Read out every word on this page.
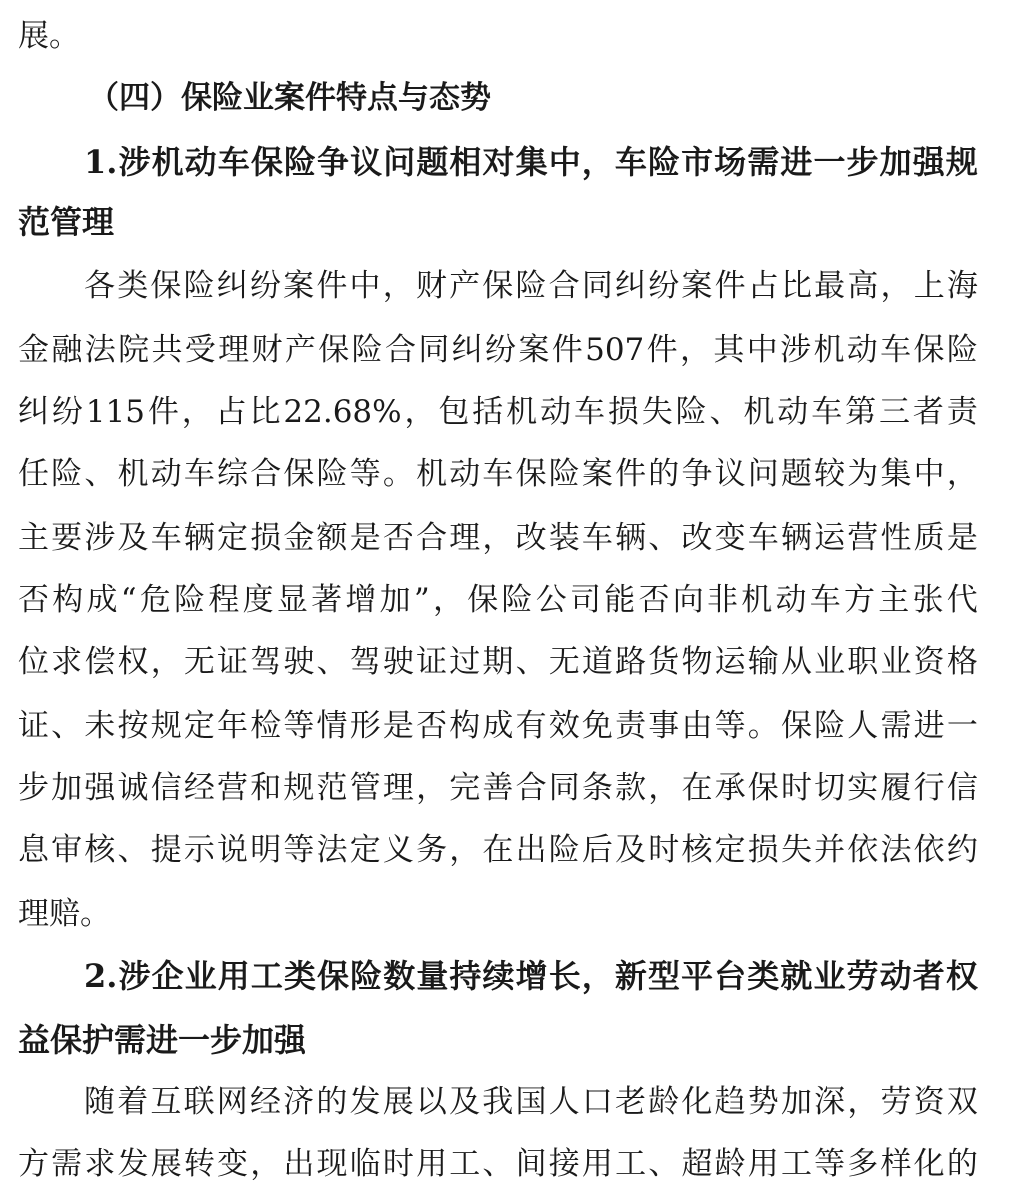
展。
（四）保险业案件特点与态势
1. 涉 机 动 车 保 险 争 议 问 题 相 对 集 中 ， 车 险 市 场 需 进 一 步 加 强 规
范管理
各 类 保 险 纠 纷 案 件 中 ， 财 产 保 险 合 同 纠 纷 案 件 占 比 最 高 ， 上 海
金 融 法 院 共 受 理 财 产 保 险 合 同 纠 纷 案 件 507 件 ， 其 中 涉 机 动 车 保 险
纠 纷 115 件 ， 占 比 22.68% ， 包 括 机 动 车 损 失 险 、 机 动 车 第 三 者 责
任 险 、 机 动 车 综 合 保 险 等 。 机 动 车 保 险 案 件 的 争 议 问 题 较 为 集 中 ，
主 要 涉 及 车 辆 定 损 金 额 是 否 合 理 ， 改 装 车 辆 、 改 变 车 辆 运 营 性 质 是
否 构 成 “ 危 险 程 度 显 著 增 加 ” ， 保 险 公 司 能 否 向 非 机 动 车 方 主 张 代
位 求 偿 权 ， 无 证 驾 驶 、 驾 驶 证 过 期 、 无 道 路 货 物 运 输 从 业 职 业 资 格
证 、 未 按 规 定 年 检 等 情 形 是 否 构 成 有 效 免 责 事 由 等 。 保 险 人 需 进 一
步 加 强 诚 信 经 营 和 规 范 管 理 ， 完 善 合 同 条 款 ， 在 承 保 时 切 实 履 行 信
息 审 核 、 提 示 说 明 等 法 定 义 务 ， 在 出 险 后 及 时 核 定 损 失 并 依 法 依 约
理赔。
2. 涉 企 业 用 工 类 保 险 数 量 持 续 增 长 ， 新 型 平 台 类 就 业 劳 动 者 权
益保护需进一步加强
随 着 互 联 网 经 济 的 发 展 以 及 我 国 人 口 老 龄 化 趋 势 加 深 ， 劳 资 双
方 需 求 发 展 转 变 ， 出 现 临 时 用 工 、 间 接 用 工 、 超 龄 用 工 等 多 样 化 的
